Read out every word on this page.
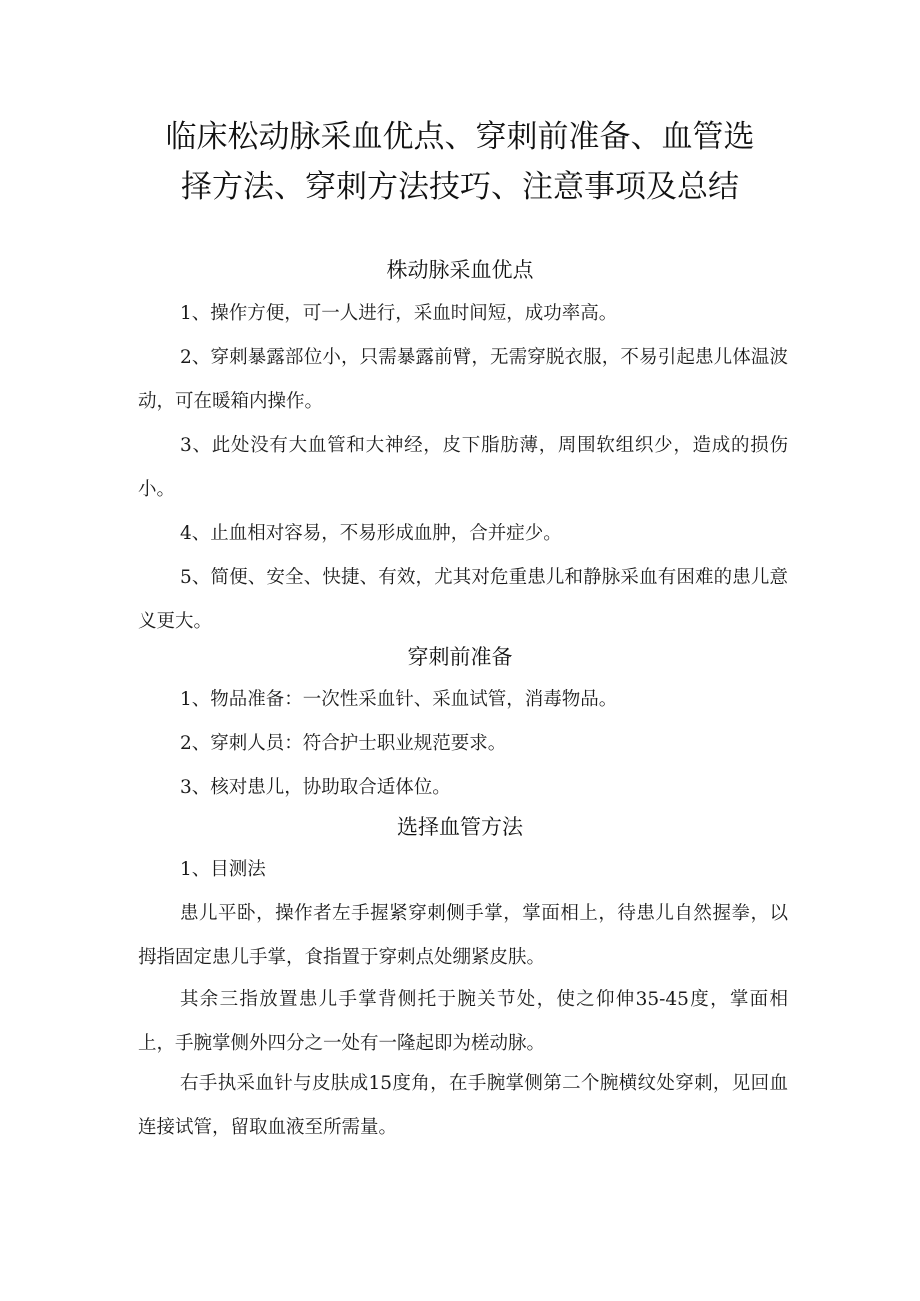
临床松动脉采血优点、穿刺前准备、血管选
择方法、穿刺方法技巧、注意事项及总结
株动脉采血优点

1、操作方便，可一人进行，采血时间短，成功率高。

2、穿刺暴露部位小，只需暴露前臂，无需穿脱衣服，不易引起患儿体温波动，可在暖箱内操作。

3、此处没有大血管和大神经，皮下脂肪薄，周围软组织少，造成的损伤小。

4、止血相对容易，不易形成血肿，合并症少。

5、简便、安全、快捷、有效，尤其对危重患儿和静脉采血有困难的患儿意义更大。

穿刺前准备

1、物品准备：一次性采血针、采血试管，消毒物品。

2、穿刺人员：符合护士职业规范要求。

3、核对患儿，协助取合适体位。

选择血管方法

1、目测法

患儿平卧，操作者左手握紧穿刺侧手掌，掌面相上，待患儿自然握拳，以拇指固定患儿手掌，食指置于穿刺点处绷紧皮肤。

其余三指放置患儿手掌背侧托于腕关节处，使之仰伸35-45度，掌面相上，手腕掌侧外四分之一处有一隆起即为槎动脉。

右手执采血针与皮肤成15度角，在手腕掌侧第二个腕横纹处穿刺，见回血连接试管，留取血液至所需量。
